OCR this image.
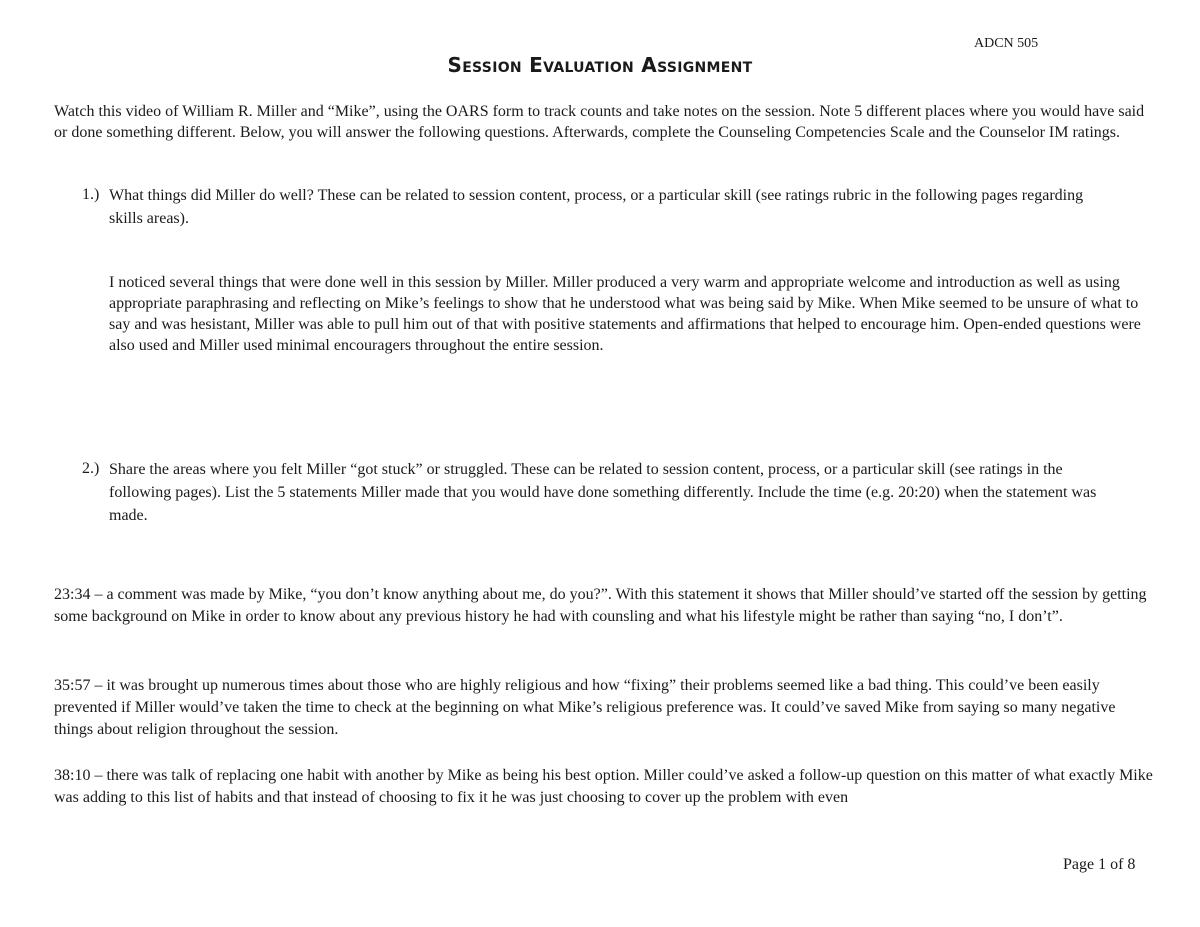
ADCN 505
Session Evaluation Assignment
Watch this video of William R. Miller and “Mike”, using the OARS form to track counts and take notes on the session. Note 5 different places where you would have said or done something different. Below, you will answer the following questions. Afterwards, complete the Counseling Competencies Scale and the Counselor IM ratings.
1.) What things did Miller do well? These can be related to session content, process, or a particular skill (see ratings rubric in the following pages regarding skills areas).
I noticed several things that were done well in this session by Miller. Miller produced a very warm and appropriate welcome and introduction as well as using appropriate paraphrasing and reflecting on Mike’s feelings to show that he understood what was being said by Mike. When Mike seemed to be unsure of what to say and was hesistant, Miller was able to pull him out of that with positive statements and affirmations that helped to encourage him. Open-ended questions were also used and Miller used minimal encouragers throughout the entire session.
2.) Share the areas where you felt Miller “got stuck” or struggled. These can be related to session content, process, or a particular skill (see ratings in the following pages). List the 5 statements Miller made that you would have done something differently. Include the time (e.g. 20:20) when the statement was made.
23:34 – a comment was made by Mike, “you don’t know anything about me, do you?”. With this statement it shows that Miller should’ve started off the session by getting some background on Mike in order to know about any previous history he had with counsling and what his lifestyle might be rather than saying “no, I don’t”.
35:57 – it was brought up numerous times about those who are highly religious and how “fixing” their problems seemed like a bad thing. This could’ve been easily prevented if Miller would’ve taken the time to check at the beginning on what Mike’s religious preference was. It could’ve saved Mike from saying so many negative things about religion throughout the session.
38:10 – there was talk of replacing one habit with another by Mike as being his best option. Miller could’ve asked a follow-up question on this matter of what exactly Mike was adding to this list of habits and that instead of choosing to fix it he was just choosing to cover up the problem with even
Page 1 of 8
